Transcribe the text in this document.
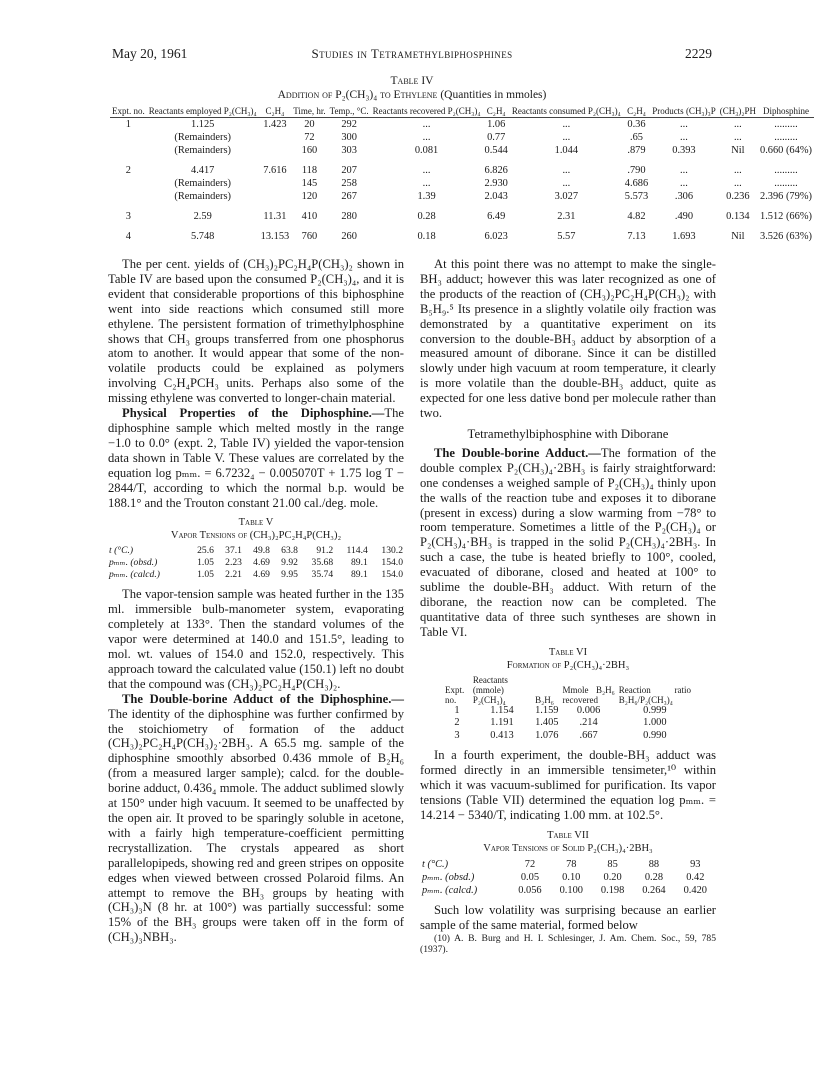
May 20, 1961	Studies in Tetramethylbiphosphines	2229
Table IV
Addition of P₂(CH₃)₄ to Ethylene (Quantities in mmoles)
Expt. no.	Reactants employed P₂(CH₃)₄	C₂H₄	Time, hr.	Temp., °C.	Reactants recovered P₂(CH₃)₄	C₂H₄	Reactants consumed P₂(CH₃)₄	C₂H₄	Products (CH₃)₃P	(CH₃)₂PH	Diphosphine

1	1.125	1.423	20	292	...	1.06	...	0.36	...	...	.........
	(Remainders)		72	300	...	0.77	...	.65	...	...	.........
	(Remainders)		160	303	0.081	0.544	1.044	.879	0.393	Nil	0.660 (64%)

2	4.417	7.616	118	207	...	6.826	...	.790	...	...	.........
	(Remainders)		145	258	...	2.930	...	4.686	...	...	.........
	(Remainders)		120	267	1.39	2.043	3.027	5.573	.306	0.236	2.396 (79%)

3	2.59	11.31	410	280	0.28	6.49	2.31	4.82	.490	0.134	1.512 (66%)

4	5.748	13.153	760	260	0.18	6.023	5.57	7.13	1.693	Nil	3.526 (63%)

The per cent. yields of (CH₃)₂PC₂H₄P(CH₃)₂ shown in Table IV are based upon the consumed P₂(CH₃)₄, and it is evident that considerable proportions of this biphosphine went into side reactions which consumed still more ethylene. The persistent formation of trimethylphosphine shows that CH₃ groups transferred from one phosphorus atom to another. It would appear that some of the non-volatile products could be explained as polymers involving C₂H₄PCH₃ units. Perhaps also some of the missing ethylene was converted to longer-chain material.

Physical Properties of the Diphosphine.—The diphosphine sample which melted mostly in the range −1.0 to 0.0° (expt. 2, Table IV) yielded the vapor-tension data shown in Table V. These values are correlated by the equation log pₘₘ. = 6.7232₄ − 0.005070T + 1.75 log T − 2844/T, according to which the normal b.p. would be 188.1° and the Trouton constant 21.00 cal./deg. mole.

Table V
Vapor Tensions of (CH₃)₂PC₂H₄P(CH₃)₂
t (°C.)	25.6	37.1	49.8	63.8	91.2	114.4	130.2
pₘₘ. (obsd.)	1.05	2.23	4.69	9.92	35.68	89.1	154.0
pₘₘ. (calcd.)	1.05	2.21	4.69	9.95	35.74	89.1	154.0

The vapor-tension sample was heated further in the 135 ml. immersible bulb-manometer system, evaporating completely at 133°. Then the standard volumes of the vapor were determined at 140.0 and 151.5°, leading to mol. wt. values of 154.0 and 152.0, respectively. This approach toward the calculated value (150.1) left no doubt that the compound was (CH₃)₂PC₂H₄P(CH₃)₂.

The Double-borine Adduct of the Diphosphine.—The identity of the diphosphine was further confirmed by the stoichiometry of formation of the adduct (CH₃)₂PC₂H₄P(CH₃)₂·2BH₃. A 65.5 mg. sample of the diphosphine smoothly absorbed 0.436 mmole of B₂H₆ (from a measured larger sample); calcd. for the double-borine adduct, 0.436₄ mmole. The adduct sublimed slowly at 150° under high vacuum. It seemed to be unaffected by the open air. It proved to be sparingly soluble in acetone, with a fairly high temperature-coefficient permitting recrystallization. The crystals appeared as short parallelopipeds, showing red and green stripes on opposite edges when viewed between crossed Polaroid films. An attempt to remove the BH₃ groups by heating with (CH₃)₃N (8 hr. at 100°) was partially successful: some 15% of the BH₃ groups were taken off in the form of (CH₃)₃NBH₃.

At this point there was no attempt to make the single-BH₃ adduct; however this was later recognized as one of the products of the reaction of (CH₃)₂PC₂H₄P(CH₃)₂ with B₅H₉.⁵ Its presence in a slightly volatile oily fraction was demonstrated by a quantitative experiment on its conversion to the double-BH₃ adduct by absorption of a measured amount of diborane. Since it can be distilled slowly under high vacuum at room temperature, it clearly is more volatile than the double-BH₃ adduct, quite as expected for one less dative bond per molecule rather than two.

Tetramethylbiphosphine with Diborane

The Double-borine Adduct.—The formation of the double complex P₂(CH₃)₄·2BH₃ is fairly straightforward: one condenses a weighed sample of P₂(CH₃)₄ thinly upon the walls of the reaction tube and exposes it to diborane (present in excess) during a slow warming from −78° to room temperature. Sometimes a little of the P₂(CH₃)₄ or P₂(CH₃)₄·BH₃ is trapped in the solid P₂(CH₃)₄·2BH₃. In such a case, the tube is heated briefly to 100°, cooled, evacuated of diborane, closed and heated at 100° to sublime the double-BH₃ adduct. With return of the diborane, the reaction now can be completed. The quantitative data of three such syntheses are shown in Table VI.

Table VI
Formation of P₂(CH₃)₄·2BH₃
Expt. no.	Reactants (mmole) P₂(CH₃)₄	B₂H₆	Mmole B₂H₆ recovered	Reaction ratio B₂H₆/P₂(CH₃)₄
1	1.154	1.159	0.006	0.999
2	1.191	1.405	.214	1.000
3	0.413	1.076	.667	0.990

In a fourth experiment, the double-BH₃ adduct was formed directly in an immersible tensimeter,¹⁰ within which it was vacuum-sublimed for purification. Its vapor tensions (Table VII) determined the equation log pₘₘ. = 14.214 − 5340/T, indicating 1.00 mm. at 102.5°.

Table VII
Vapor Tensions of Solid P₂(CH₃)₄·2BH₃
t (°C.)	72	78	85	88	93
pₘₘ. (obsd.)	0.05	0.10	0.20	0.28	0.42
pₘₘ. (calcd.)	0.056	0.100	0.198	0.264	0.420

Such low volatility was surprising because an earlier sample of the same material, formed below

(10) A. B. Burg and H. I. Schlesinger, J. Am. Chem. Soc., 59, 785 (1937).
